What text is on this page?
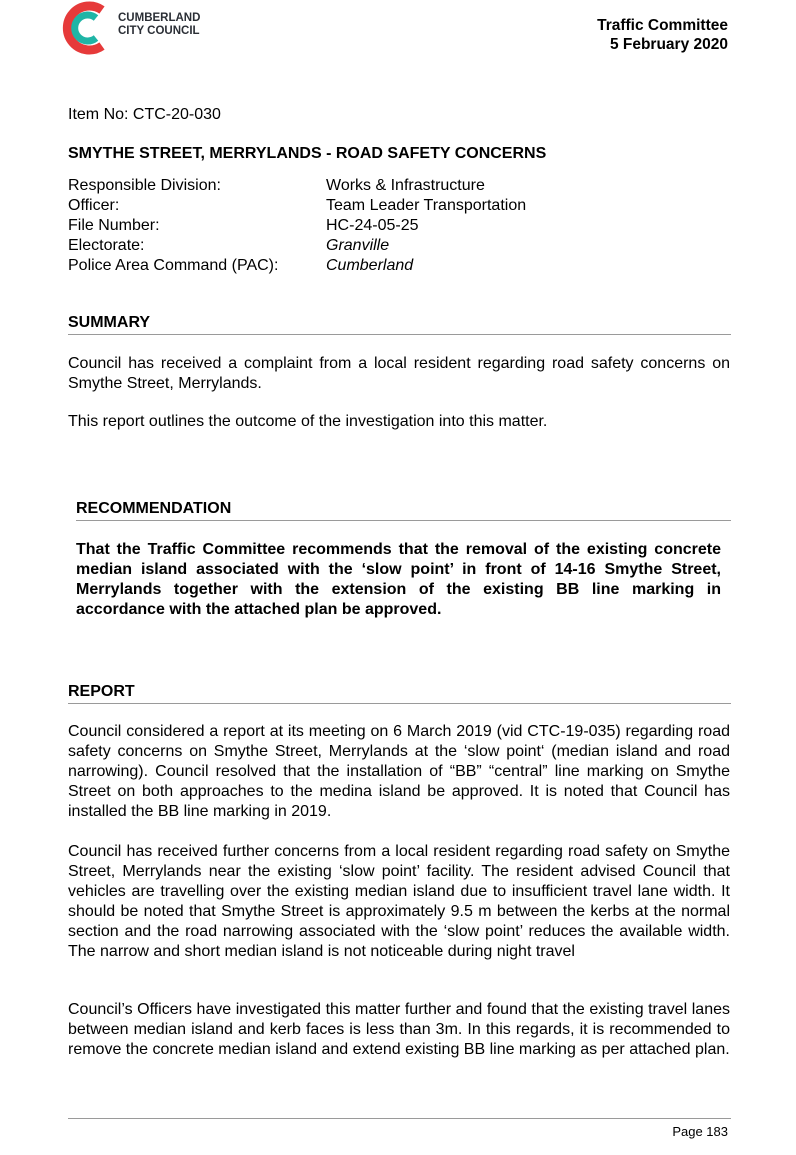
CUMBERLAND
CITY COUNCIL	Traffic Committee
5 February 2020
Item No: CTC-20-030
SMYTHE STREET, MERRYLANDS - ROAD SAFETY CONCERNS
Responsible Division:	Works & Infrastructure
Officer:	Team Leader Transportation
File Number:	HC-24-05-25
Electorate:	Granville
Police Area Command (PAC):	Cumberland
SUMMARY
Council has received a complaint from a local resident regarding road safety concerns on Smythe Street, Merrylands.
This report outlines the outcome of the investigation into this matter.
RECOMMENDATION
That the Traffic Committee recommends that the removal of the existing concrete median island associated with the ‘slow point’ in front of 14-16 Smythe Street, Merrylands together with the extension of the existing BB line marking in accordance with the attached plan be approved.
REPORT
Council considered a report at its meeting on 6 March 2019 (vid CTC-19-035) regarding road safety concerns on Smythe Street, Merrylands at the ‘slow point‘ (median island and road narrowing). Council resolved that the installation of “BB” “central” line marking on Smythe Street on both approaches to the medina island be approved. It is noted that Council has installed the BB line marking in 2019.
Council has received further concerns from a local resident regarding road safety on Smythe Street, Merrylands near the existing ‘slow point’ facility. The resident advised Council that vehicles are travelling over the existing median island due to insufficient travel lane width. It should be noted that Smythe Street is approximately 9.5 m between the kerbs at the normal section and the road narrowing associated with the ‘slow point’ reduces the available width. The narrow and short median island is not noticeable during night travel
Council’s Officers have investigated this matter further and found that the existing travel lanes between median island and kerb faces is less than 3m. In this regards, it is recommended to remove the concrete median island and extend existing BB line marking as per attached plan.
Page 183
